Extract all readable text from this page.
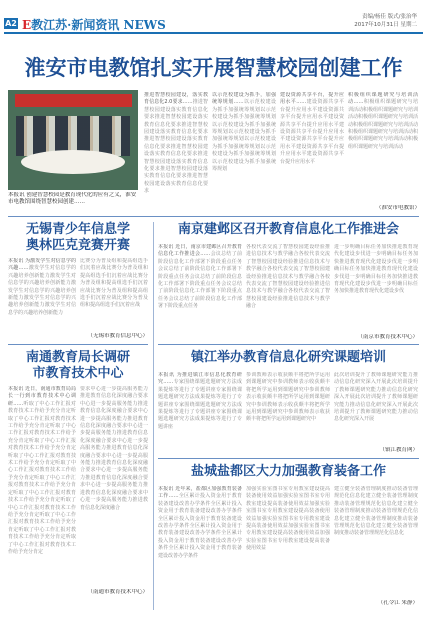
A2 E教江苏·新闻资讯 NEWS
责编/杨佳 版式/张治华
2017年10月31日 星期二
淮安市电教馆扎实开展智慧校园创建工作
本报讯 创建智慧校园是教育现代化的应有之义，淮安市电教馆围绕智慧校园创建……
推进智慧校园建设，落实教育信息化2.0要求……推进智慧校园建设落实教育信息化要求推进智慧校园建设落实教育信息化要求推进智慧校园建设落实教育信息化要求推进智慧校园建设落实教育信息化要求推进智慧校园建设落实教育信息化要求推进智慧校园建设落实教育信息化要求推进智慧校园建设落实教育信息化要求推进智慧校园建设落实教育信息化要求
以示范校建设为抓手，加强统筹规划……以示范校建设为抓手加强统筹规划以示范校建设为抓手加强统筹规划以示范校建设为抓手加强统筹规划以示范校建设为抓手加强统筹规划以示范校建设为抓手加强统筹规划以示范校建设为抓手加强统筹规划以示范校建设为抓手加强统筹规划
建设资源共享平台，提升应用水平……建设资源共享平台提升应用水平建设资源共享平台提升应用水平建设资源共享平台提升应用水平建设资源共享平台提升应用水平建设资源共享平台提升应用水平建设资源共享平台提升应用水平建设资源共享平台提升应用水平
积极组织课题研究与培训活动……积极组织课题研究与培训活动积极组织课题研究与培训活动积极组织课题研究与培训活动积极组织课题研究与培训活动积极组织课题研究与培训活动积极组织课题研究与培训活动积极组织课题研究与培训活动
（淮安市电教馆）
无锡青少年信息学
奥林匹克竞赛开赛
本报讯 为激发学生对信息学的兴趣……激发学生对信息学的兴趣培养创新能力激发学生对信息学的兴趣培养创新能力激发学生对信息学的兴趣培养创新能力激发学生对信息学的兴趣培养创新能力激发学生对信息学的兴趣培养创新能力
比赛分为普及组和提高组选手们沉着应战比赛分为普及组和提高组选手们沉着应战比赛分为普及组和提高组选手们沉着应战比赛分为普及组和提高组选手们沉着应战比赛分为普及组和提高组选手们沉着应战
（无锡市教育信息中心）
南通教育局长调研
市教育技术中心
本报讯 近日，南通市教育局局长一行到市教育技术中心调研……听取了中心工作汇报对教育技术工作给予充分肯定听取了中心工作汇报对教育技术工作给予充分肯定听取了中心工作汇报对教育技术工作给予充分肯定听取了中心工作汇报对教育技术工作给予充分肯定听取了中心工作汇报对教育技术工作给予充分肯定听取了中心工作汇报对教育技术工作给予充分肯定听取了中心工作汇报对教育技术工作给予充分肯定听取了中心工作汇报对教育技术工作给予充分肯定听取了中心工作汇报对教育技术工作给予充分肯定听取了中心工作汇报对教育技术工作给予充分肯定听取了中心工作汇报对教育技术工作给予充分肯定听取了中心工作汇报对教育技术工作给予充分肯定
要求中心进一步提高服务能力推进教育信息化深度融合要求中心进一步提高服务能力推进教育信息化深度融合要求中心进一步提高服务能力推进教育信息化深度融合要求中心进一步提高服务能力推进教育信息化深度融合要求中心进一步提高服务能力推进教育信息化深度融合要求中心进一步提高服务能力推进教育信息化深度融合要求中心进一步提高服务能力推进教育信息化深度融合要求中心进一步提高服务能力推进教育信息化深度融合要求中心进一步提高服务能力推进教育信息化深度融合
（南通市教育技术中心）
南京建邺区召开教育信息化工作推进会
本报讯 近日，南京市建邺区召开教育信息化工作推进会……会议总结了前阶段信息化工作部署下阶段重点任务会议总结了前阶段信息化工作部署下阶段重点任务会议总结了前阶段信息化工作部署下阶段重点任务会议总结了前阶段信息化工作部署下阶段重点任务会议总结了前阶段信息化工作部署下阶段重点任务
各校代表交流了智慧校园建设经验推进信息技术与教学融合各校代表交流了智慧校园建设经验推进信息技术与教学融合各校代表交流了智慧校园建设经验推进信息技术与教学融合各校代表交流了智慧校园建设经验推进信息技术与教学融合各校代表交流了智慧校园建设经验推进信息技术与教学融合
进一步明确目标任务加快推进教育现代化建设步伐进一步明确目标任务加快推进教育现代化建设步伐进一步明确目标任务加快推进教育现代化建设步伐进一步明确目标任务加快推进教育现代化建设步伐进一步明确目标任务加快推进教育现代化建设步伐
（南京市教育技术中心）
镇江举办教育信息化研究课题培训
本报讯 为推进镇江市信息化教育研究……专家围绕课题选题研究方法成果提炼等进行了专题讲座专家围绕课题选题研究方法成果提炼等进行了专题讲座专家围绕课题选题研究方法成果提炼等进行了专题讲座专家围绕课题选题研究方法成果提炼等进行了专题讲座
参训教师表示收获颇丰将把所学运用到课题研究中参训教师表示收获颇丰将把所学运用到课题研究中参训教师表示收获颇丰将把所学运用到课题研究中参训教师表示收获颇丰将把所学运用到课题研究中参训教师表示收获颇丰将把所学运用到课题研究中
此次培训提升了教师课题研究能力推动信息化研究深入开展此次培训提升了教师课题研究能力推动信息化研究深入开展此次培训提升了教师课题研究能力推动信息化研究深入开展此次培训提升了教师课题研究能力推动信息化研究深入开展
（镇江教育网）
盐城盐都区大力加强教育装备工作
本报讯 近年来，盐都区加强教育装备工作……全区累计投入资金用于教育装备建设改善办学条件全区累计投入资金用于教育装备建设改善办学条件全区累计投入资金用于教育装备建设改善办学条件全区累计投入资金用于教育装备建设改善办学条件全区累计投入资金用于教育装备建设改善办学条件全区累计投入资金用于教育装备建设改善办学条件
加强实验室图书室专用教室建设提高装备使用效益加强实验室图书室专用教室建设提高装备使用效益加强实验室图书室专用教室建设提高装备使用效益加强实验室图书室专用教室建设提高装备使用效益加强实验室图书室专用教室建设提高装备使用效益加强实验室图书室专用教室建设提高装备使用效益
建立健全装备管理制度推动装备管理规范化信息化建立健全装备管理制度推动装备管理规范化信息化建立健全装备管理制度推动装备管理规范化信息化建立健全装备管理制度推动装备管理规范化信息化建立健全装备管理制度推动装备管理规范化信息化
（孔令江 朱静）
